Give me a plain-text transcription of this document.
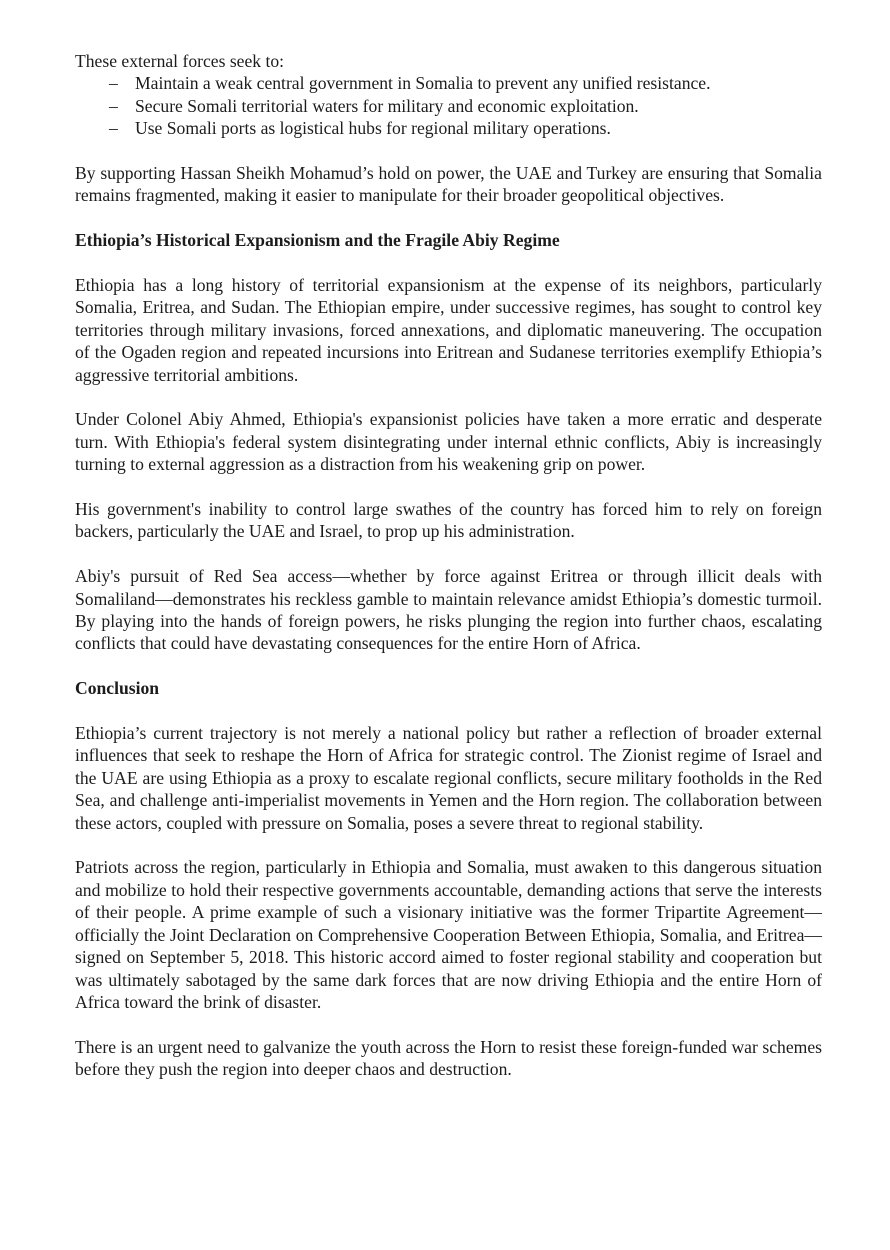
These external forces seek to:

– Maintain a weak central government in Somalia to prevent any unified resistance.
– Secure Somali territorial waters for military and economic exploitation.
– Use Somali ports as logistical hubs for regional military operations.

By supporting Hassan Sheikh Mohamud’s hold on power, the UAE and Turkey are ensuring that Somalia remains fragmented, making it easier to manipulate for their broader geopolitical objectives.

Ethiopia’s Historical Expansionism and the Fragile Abiy Regime

Ethiopia has a long history of territorial expansionism at the expense of its neighbors, particularly Somalia, Eritrea, and Sudan. The Ethiopian empire, under successive regimes, has sought to control key territories through military invasions, forced annexations, and diplomatic maneuvering. The occupation of the Ogaden region and repeated incursions into Eritrean and Sudanese territories exemplify Ethiopia’s aggressive territorial ambitions.

Under Colonel Abiy Ahmed, Ethiopia's expansionist policies have taken a more erratic and desperate turn. With Ethiopia's federal system disintegrating under internal ethnic conflicts, Abiy is increasingly turning to external aggression as a distraction from his weakening grip on power.

His government's inability to control large swathes of the country has forced him to rely on foreign backers, particularly the UAE and Israel, to prop up his administration.

Abiy's pursuit of Red Sea access—whether by force against Eritrea or through illicit deals with Somaliland—demonstrates his reckless gamble to maintain relevance amidst Ethiopia’s domestic turmoil. By playing into the hands of foreign powers, he risks plunging the region into further chaos, escalating conflicts that could have devastating consequences for the entire Horn of Africa.

Conclusion

Ethiopia’s current trajectory is not merely a national policy but rather a reflection of broader external influences that seek to reshape the Horn of Africa for strategic control. The Zionist regime of Israel and the UAE are using Ethiopia as a proxy to escalate regional conflicts, secure military footholds in the Red Sea, and challenge anti-imperialist movements in Yemen and the Horn region. The collaboration between these actors, coupled with pressure on Somalia, poses a severe threat to regional stability.

Patriots across the region, particularly in Ethiopia and Somalia, must awaken to this dangerous situation and mobilize to hold their respective governments accountable, demanding actions that serve the interests of their people. A prime example of such a visionary initiative was the former Tripartite Agreement—officially the Joint Declaration on Comprehensive Cooperation Between Ethiopia, Somalia, and Eritrea—signed on September 5, 2018. This historic accord aimed to foster regional stability and cooperation but was ultimately sabotaged by the same dark forces that are now driving Ethiopia and the entire Horn of Africa toward the brink of disaster.

There is an urgent need to galvanize the youth across the Horn to resist these foreign-funded war schemes before they push the region into deeper chaos and destruction.
